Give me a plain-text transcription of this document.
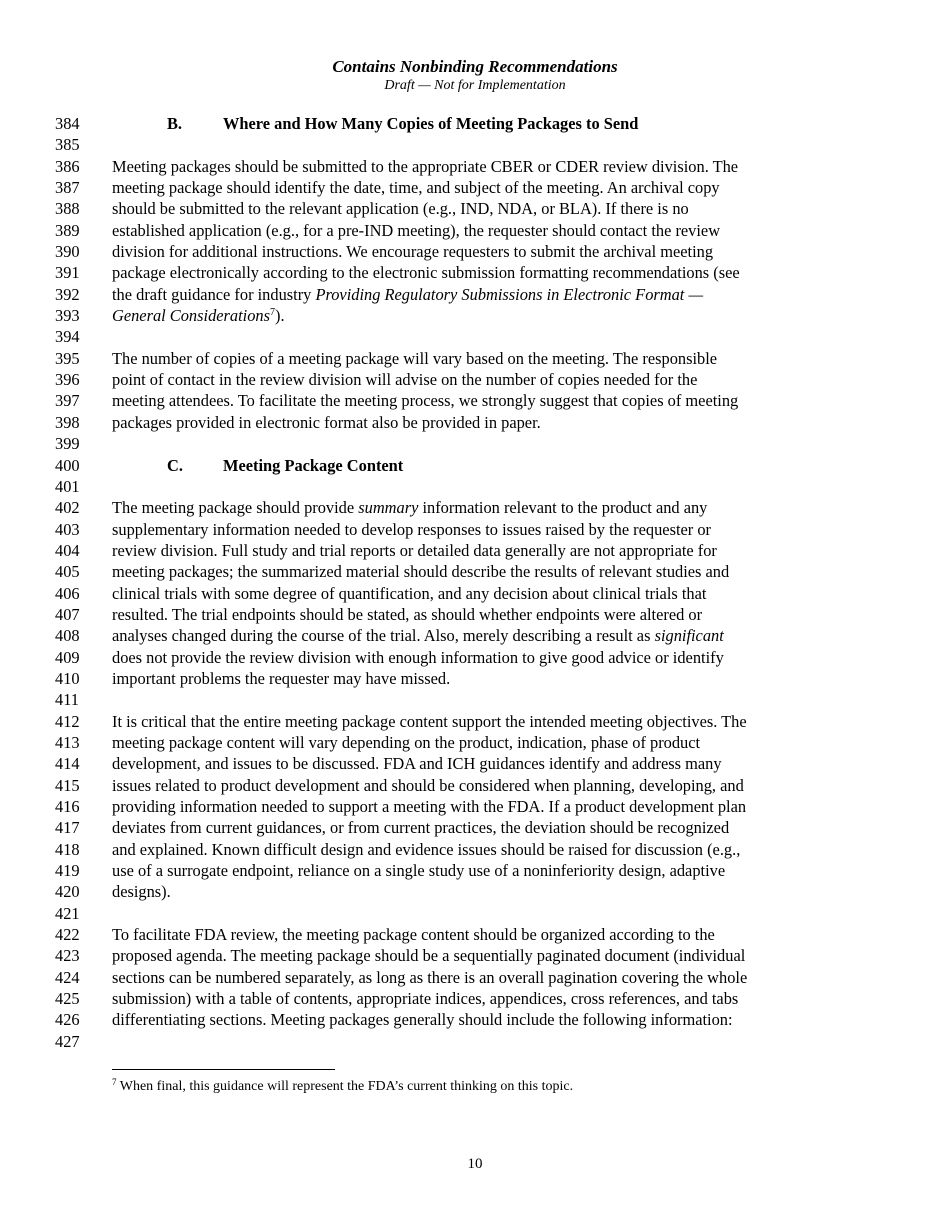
Contains Nonbinding Recommendations
Draft — Not for Implementation
384	B. Where and How Many Copies of Meeting Packages to Send
385
386	Meeting packages should be submitted to the appropriate CBER or CDER review division. The
387	meeting package should identify the date, time, and subject of the meeting. An archival copy
388	should be submitted to the relevant application (e.g., IND, NDA, or BLA). If there is no
389	established application (e.g., for a pre-IND meeting), the requester should contact the review
390	division for additional instructions. We encourage requesters to submit the archival meeting
391	package electronically according to the electronic submission formatting recommendations (see
392	the draft guidance for industry Providing Regulatory Submissions in Electronic Format —
393	General Considerations$^7$).
394
395	The number of copies of a meeting package will vary based on the meeting. The responsible
396	point of contact in the review division will advise on the number of copies needed for the
397	meeting attendees. To facilitate the meeting process, we strongly suggest that copies of meeting
398	packages provided in electronic format also be provided in paper.
399
400	C. Meeting Package Content
401
402	The meeting package should provide summary information relevant to the product and any
403	supplementary information needed to develop responses to issues raised by the requester or
404	review division. Full study and trial reports or detailed data generally are not appropriate for
405	meeting packages; the summarized material should describe the results of relevant studies and
406	clinical trials with some degree of quantification, and any decision about clinical trials that
407	resulted. The trial endpoints should be stated, as should whether endpoints were altered or
408	analyses changed during the course of the trial. Also, merely describing a result as significant
409	does not provide the review division with enough information to give good advice or identify
410	important problems the requester may have missed.
411
412	It is critical that the entire meeting package content support the intended meeting objectives. The
413	meeting package content will vary depending on the product, indication, phase of product
414	development, and issues to be discussed. FDA and ICH guidances identify and address many
415	issues related to product development and should be considered when planning, developing, and
416	providing information needed to support a meeting with the FDA. If a product development plan
417	deviates from current guidances, or from current practices, the deviation should be recognized
418	and explained. Known difficult design and evidence issues should be raised for discussion (e.g.,
419	use of a surrogate endpoint, reliance on a single study use of a noninferiority design, adaptive
420	designs).
421
422	To facilitate FDA review, the meeting package content should be organized according to the
423	proposed agenda. The meeting package should be a sequentially paginated document (individual
424	sections can be numbered separately, as long as there is an overall pagination covering the whole
425	submission) with a table of contents, appropriate indices, appendices, cross references, and tabs
426	differentiating sections. Meeting packages generally should include the following information:
427
$^7$ When final, this guidance will represent the FDA’s current thinking on this topic.
10
